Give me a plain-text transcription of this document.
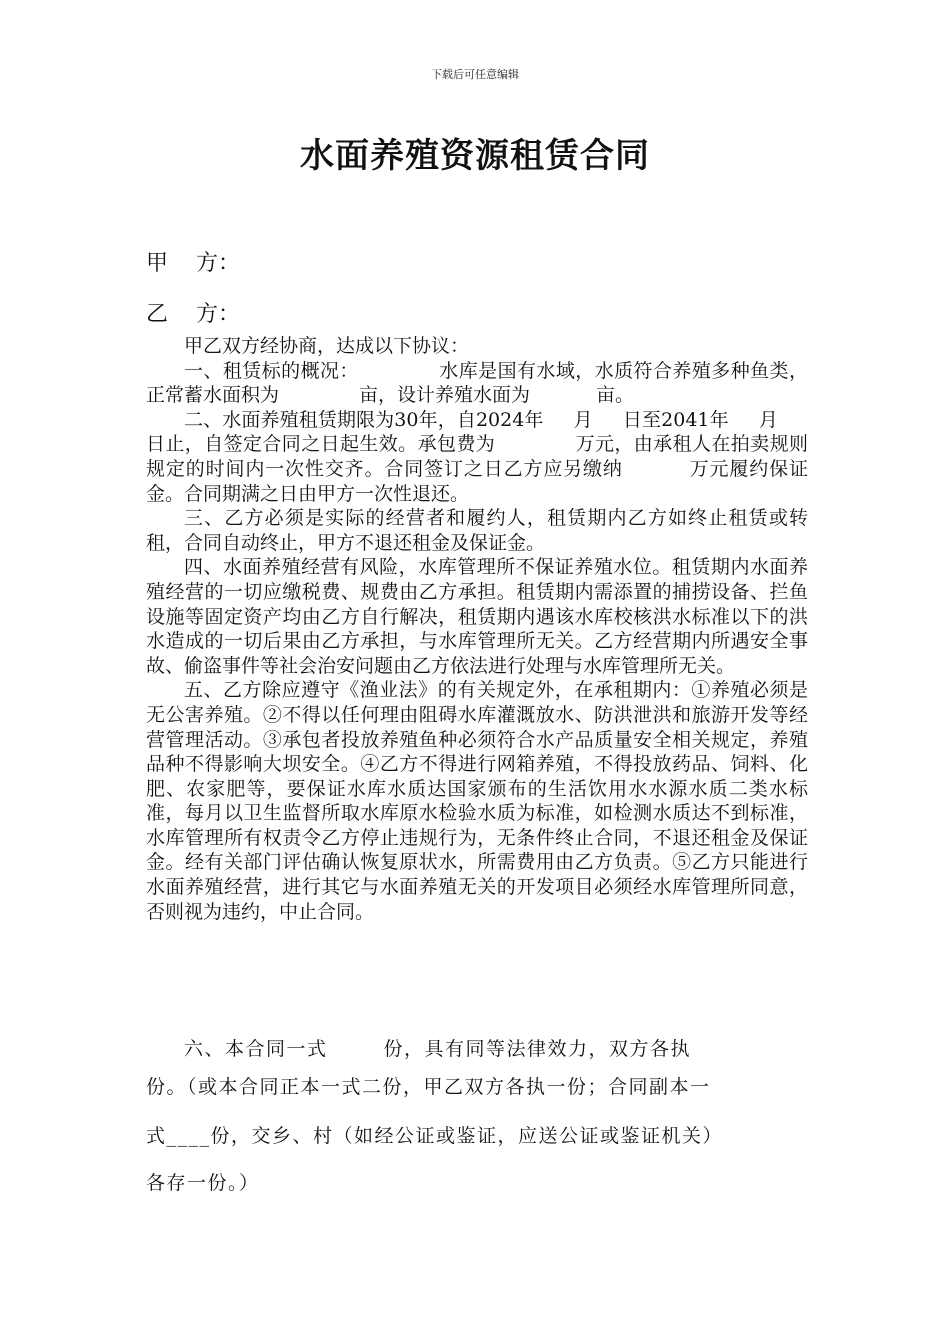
下载后可任意编辑
水面养殖资源租赁合同
甲 方：
乙 方：

甲乙双方经协商，达成以下协议：

一、租赁标的概况：	水库是国有水域，水质符合养殖多种鱼类，正常蓄水面积为	亩，设计养殖水面为	亩。

二、水面养殖租赁期限为30年，自2024年 月 日至2041年 月日止，自签定合同之日起生效。承包费为	万元，由承租人在拍卖规则规定的时间内一次性交齐。合同签订之日乙方应另缴纳	万元履约保证金。合同期满之日由甲方一次性退还。

三、乙方必须是实际的经营者和履约人，租赁期内乙方如终止租赁或转租，合同自动终止，甲方不退还租金及保证金。

四、水面养殖经营有风险，水库管理所不保证养殖水位。租赁期内水面养殖经营的一切应缴税费、规费由乙方承担。租赁期内需添置的捕捞设备、拦鱼设施等固定资产均由乙方自行解决，租赁期内遇该水库校核洪水标准以下的洪水造成的一切后果由乙方承担，与水库管理所无关。乙方经营期内所遇安全事故、偷盗事件等社会治安问题由乙方依法进行处理与水库管理所无关。

五、乙方除应遵守《渔业法》的有关规定外，在承租期内：①养殖必须是无公害养殖。②不得以任何理由阻碍水库灌溉放水、防洪泄洪和旅游开发等经营管理活动。③承包者投放养殖鱼种必须符合水产品质量安全相关规定，养殖品种不得影响大坝安全。④乙方不得进行网箱养殖，不得投放药品、饲料、化肥、农家肥等，要保证水库水质达国家颁布的生活饮用水水源水质二类水标准，每月以卫生监督所取水库原水检验水质为标准，如检测水质达不到标准，水库管理所有权责令乙方停止违规行为，无条件终止合同，不退还租金及保证金。经有关部门评估确认恢复原状水，所需费用由乙方负责。⑤乙方只能进行水面养殖经营，进行其它与水面养殖无关的开发项目必须经水库管理所同意，否则视为违约，中止合同。

六、本合同一式	份，具有同等法律效力，双方各执
份。（或本合同正本一式二份，甲乙双方各执一份；合同副本一
式____份，交乡、村（如经公证或鉴证，应送公证或鉴证机关）
各存一份。）
